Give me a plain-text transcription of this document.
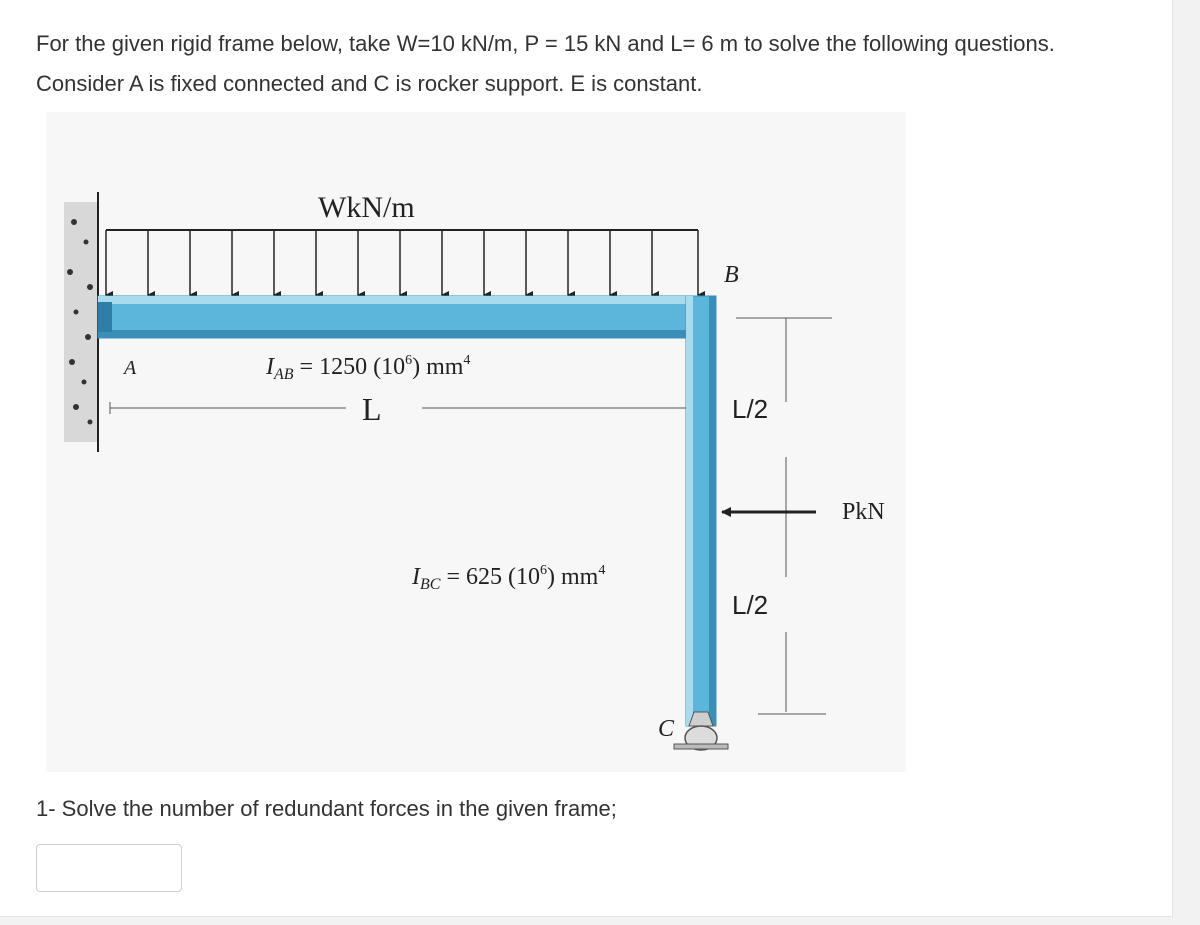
For the given rigid frame below, take W=10 kN/m, P = 15 kN and L= 6 m to solve the following questions.

Consider A is fixed connected and C is rocker support. E is constant.

WkN/m
A
B
C
$I_{AB} = 1250$ $(10^6)$ $mm^4$
L
$I_{BC} = 625$ $(10^6)$ $mm^4$
L/2
L/2
PkN

1- Solve the number of redundant forces in the given frame;
